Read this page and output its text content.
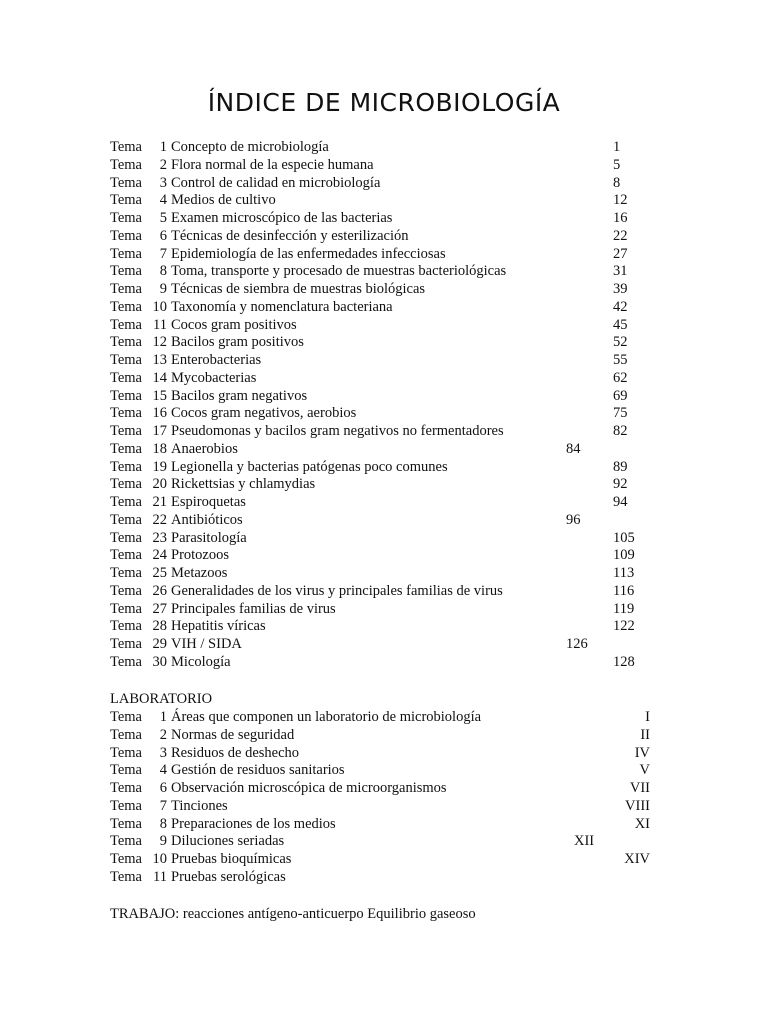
ÍNDICE DE MICROBIOLOGÍA
Tema 1 Concepto de microbiología	1
Tema 2 Flora normal de la especie humana	5
Tema 3 Control de calidad en microbiología	8
Tema 4 Medios de cultivo	12
Tema 5 Examen microscópico de las bacterias	16
Tema 6 Técnicas de desinfección y esterilización	22
Tema 7 Epidemiología de las enfermedades infecciosas	27
Tema 8 Toma, transporte y procesado de muestras bacteriológicas	31
Tema 9 Técnicas de siembra de muestras biológicas	39
Tema 10 Taxonomía y nomenclatura bacteriana	42
Tema 11 Cocos gram positivos	45
Tema 12 Bacilos gram positivos	52
Tema 13 Enterobacterias	55
Tema 14 Mycobacterias	62
Tema 15 Bacilos gram negativos	69
Tema 16 Cocos gram negativos, aerobios	75
Tema 17 Pseudomonas y bacilos gram negativos no fermentadores	82
Tema 18 Anaerobios	84
Tema 19 Legionella y bacterias patógenas poco comunes	89
Tema 20 Rickettsias y chlamydias	92
Tema 21 Espiroquetas	94
Tema 22 Antibióticos	96
Tema 23 Parasitología	105
Tema 24 Protozoos	109
Tema 25 Metazoos	113
Tema 26 Generalidades de los virus y principales familias de virus	116
Tema 27 Principales familias de virus	119
Tema 28 Hepatitis víricas	122
Tema 29 VIH / SIDA	126
Tema 30 Micología	128
LABORATORIO
Tema 1 Áreas que componen un laboratorio de microbiología	I
Tema 2 Normas de seguridad	II
Tema 3 Residuos de deshecho	IV
Tema 4 Gestión de residuos sanitarios	V
Tema 6 Observación microscópica de microorganismos	VII
Tema 7 Tinciones	VIII
Tema 8 Preparaciones de los medios	XI
Tema 9 Diluciones seriadas	XII
Tema 10 Pruebas bioquímicas	XIV
Tema 11 Pruebas serológicas
TRABAJO: reacciones antígeno-anticuerpo Equilibrio gaseoso
